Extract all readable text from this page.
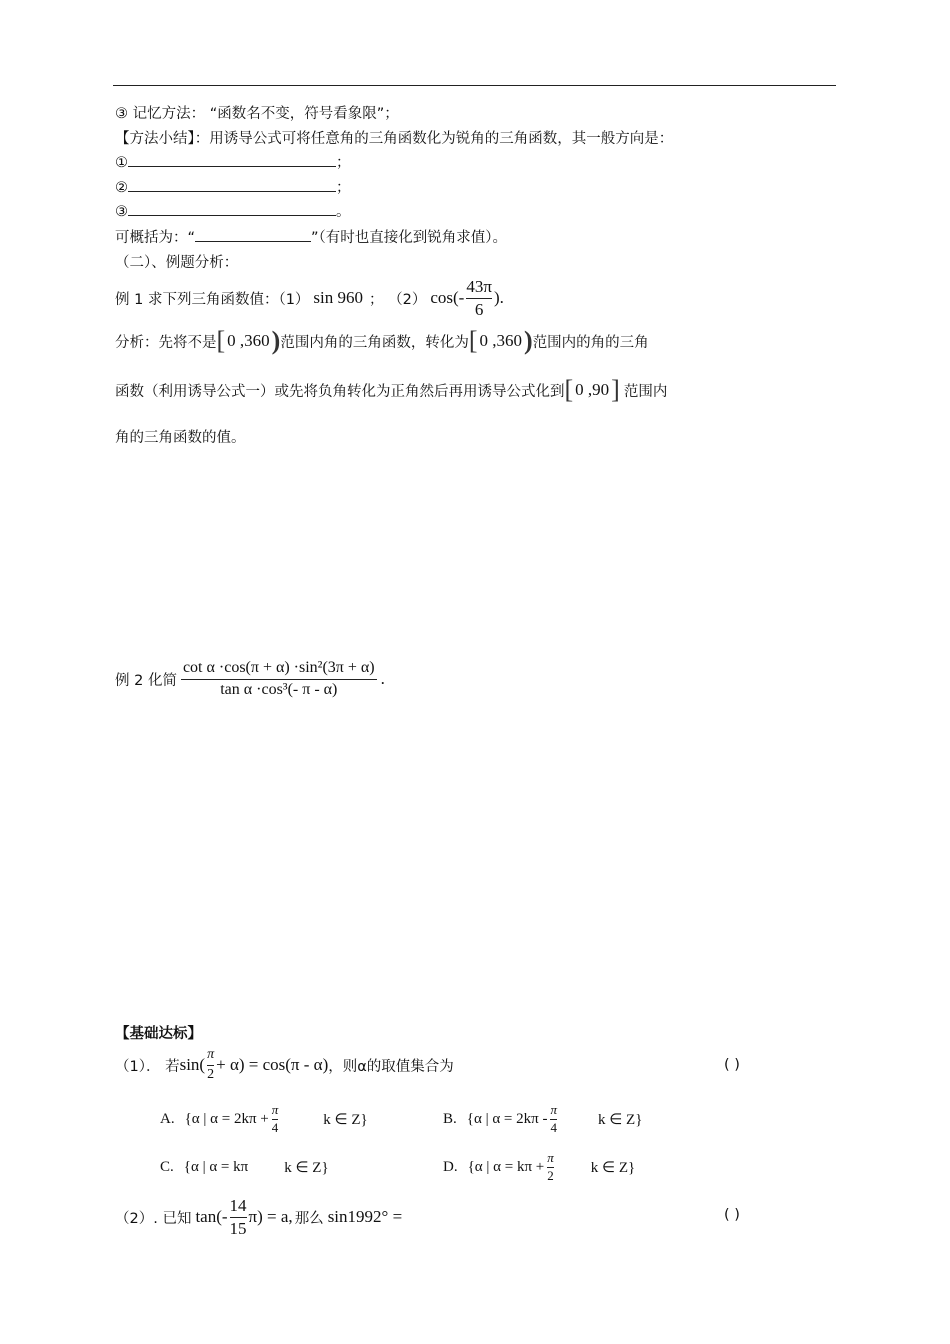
③ 记忆方法： “函数名不变，符号看象限”；
【方法小结】：用诱导公式可将任意角的三角函数化为锐角的三角函数，其一般方向是：
①	；
②	；
③	。
可概括为：“	”（有时也直接化到锐角求值）。
（二）、例题分析：
例 1 求下列三角函数值：（1） sin 960 ； （2） $\cos(- \frac{43\pi}{6}$ ).
分析：先将不是 [ 0 ,360 ) 范围内角的三角函数，转化为 [ 0 ,360 ) 范围内的角的三角
函数（利用诱导公式一）或先将负角转化为正角然后再用诱导公式化到 [ 0 ,90 ] 范围内
角的三角函数的值。
例 2 化简 $\frac{\text{cot α ·cos(π + α) ·sin²(3π + α)}}{\text{tan α ·cos³(- π - α)}}$ .
【基础达标】
（1）． 若 $\sin( \frac{\pi}{2} + \alpha) = \cos(\pi - \alpha)$ ，则α的取值集合为	( )
A. {α | $\alpha = 2k\pi + \frac{\pi}{4}$	k ∈ Z}	B. {α | $\alpha = 2k\pi - \frac{\pi}{4}$	k ∈ Z}
C. {α | α = kπ k ∈ Z}	D. {α | $\alpha = k\pi + \frac{\pi}{2}$ k ∈ Z}
（2）. 已知 $\tan(- \frac{14}{15} \pi) = a$, 那么 sin1992° =	( )
